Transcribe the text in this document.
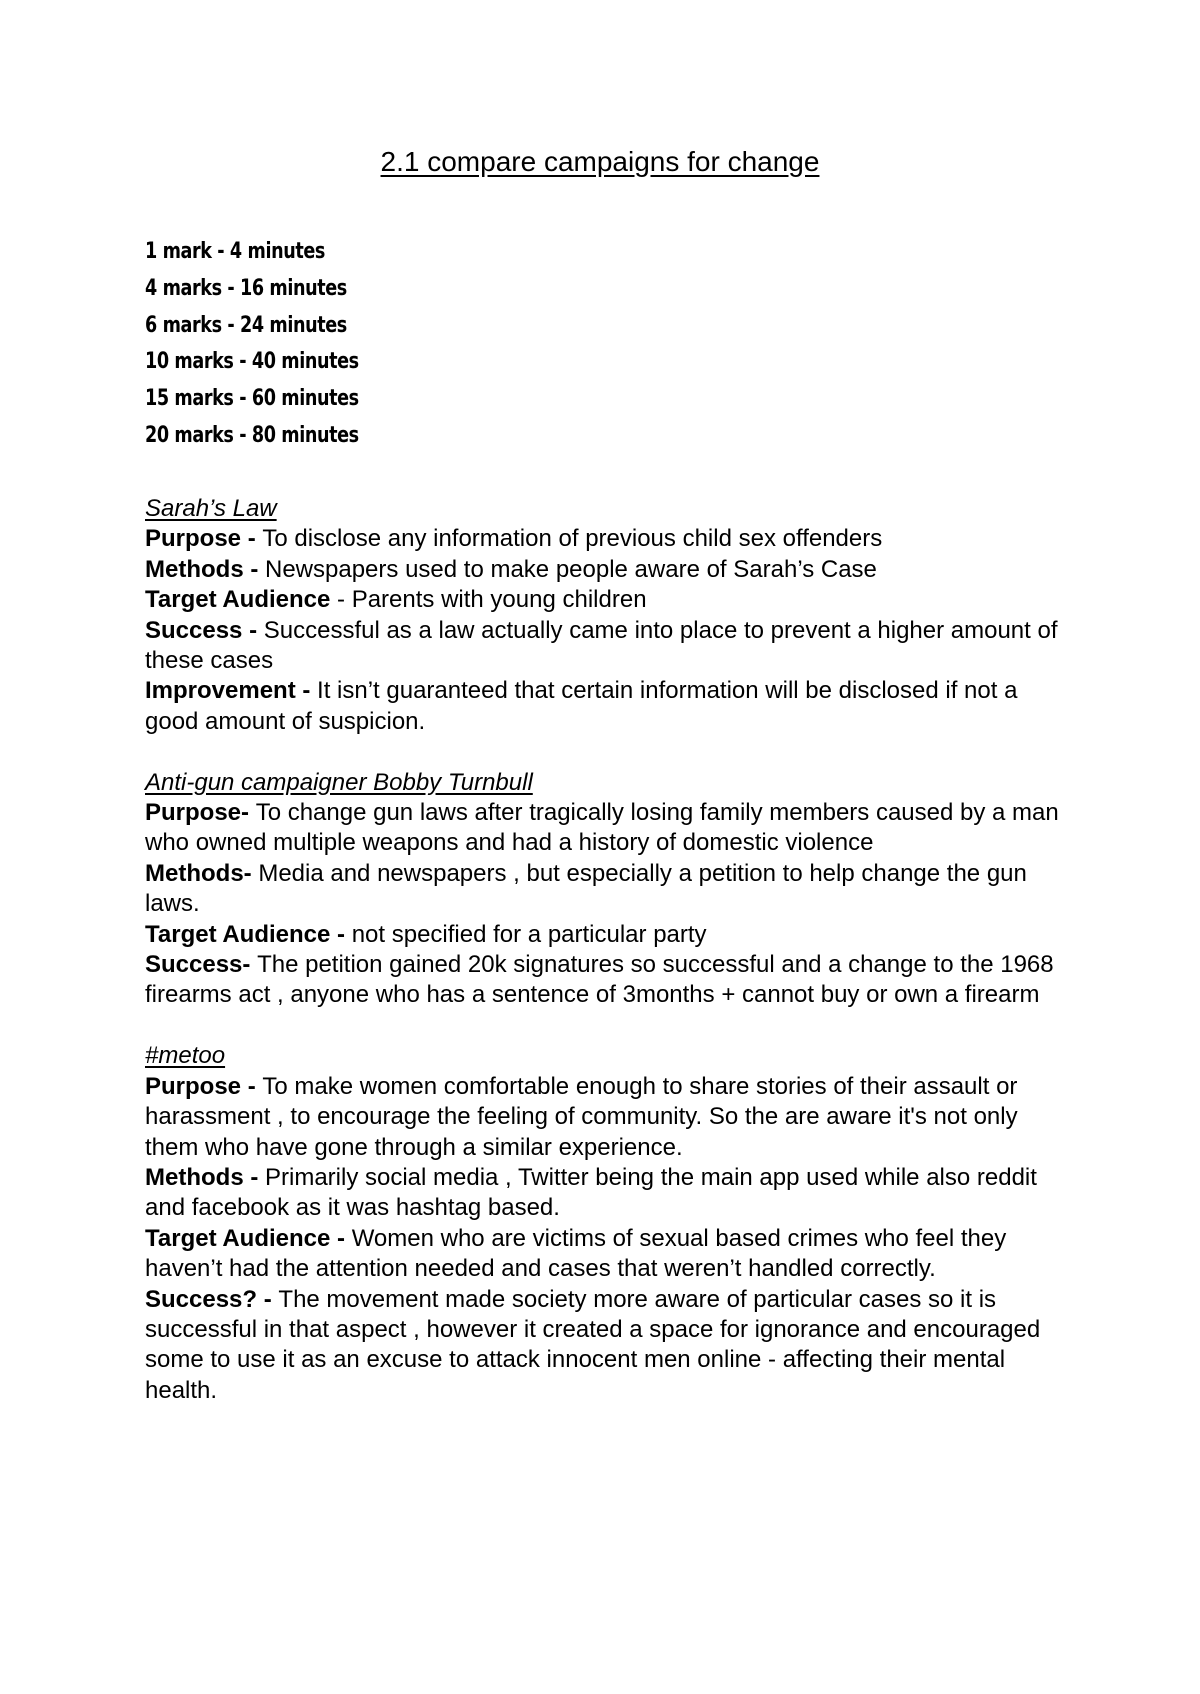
2.1 compare campaigns for change
1 mark - 4 minutes
4 marks - 16 minutes
6 marks - 24 minutes
10 marks - 40 minutes
15 marks - 60 minutes
20 marks - 80 minutes
Sarah’s Law

Purpose - To disclose any information of previous child sex offenders

Methods - Newspapers used to make people aware of Sarah’s Case

Target Audience - Parents with young children

Success - Successful as a law actually came into place to prevent a higher amount of these cases

Improvement - It isn’t guaranteed that certain information will be disclosed if not a good amount of suspicion.

Anti-gun campaigner Bobby Turnbull

Purpose- To change gun laws after tragically losing family members caused by a man who owned multiple weapons and had a history of domestic violence

Methods- Media and newspapers , but especially a petition to help change the gun laws.

Target Audience - not specified for a particular party

Success- The petition gained 20k signatures so successful and a change to the 1968 firearms act , anyone who has a sentence of 3months + cannot buy or own a firearm

#metoo

Purpose - To make women comfortable enough to share stories of their assault or harassment , to encourage the feeling of community. So the are aware it's not only them who have gone through a similar experience.

Methods - Primarily social media , Twitter being the main app used while also reddit and facebook as it was hashtag based.

Target Audience - Women who are victims of sexual based crimes who feel they haven’t had the attention needed and cases that weren’t handled correctly.

Success? - The movement made society more aware of particular cases so it is successful in that aspect , however it created a space for ignorance and encouraged some to use it as an excuse to attack innocent men online - affecting their mental health.
